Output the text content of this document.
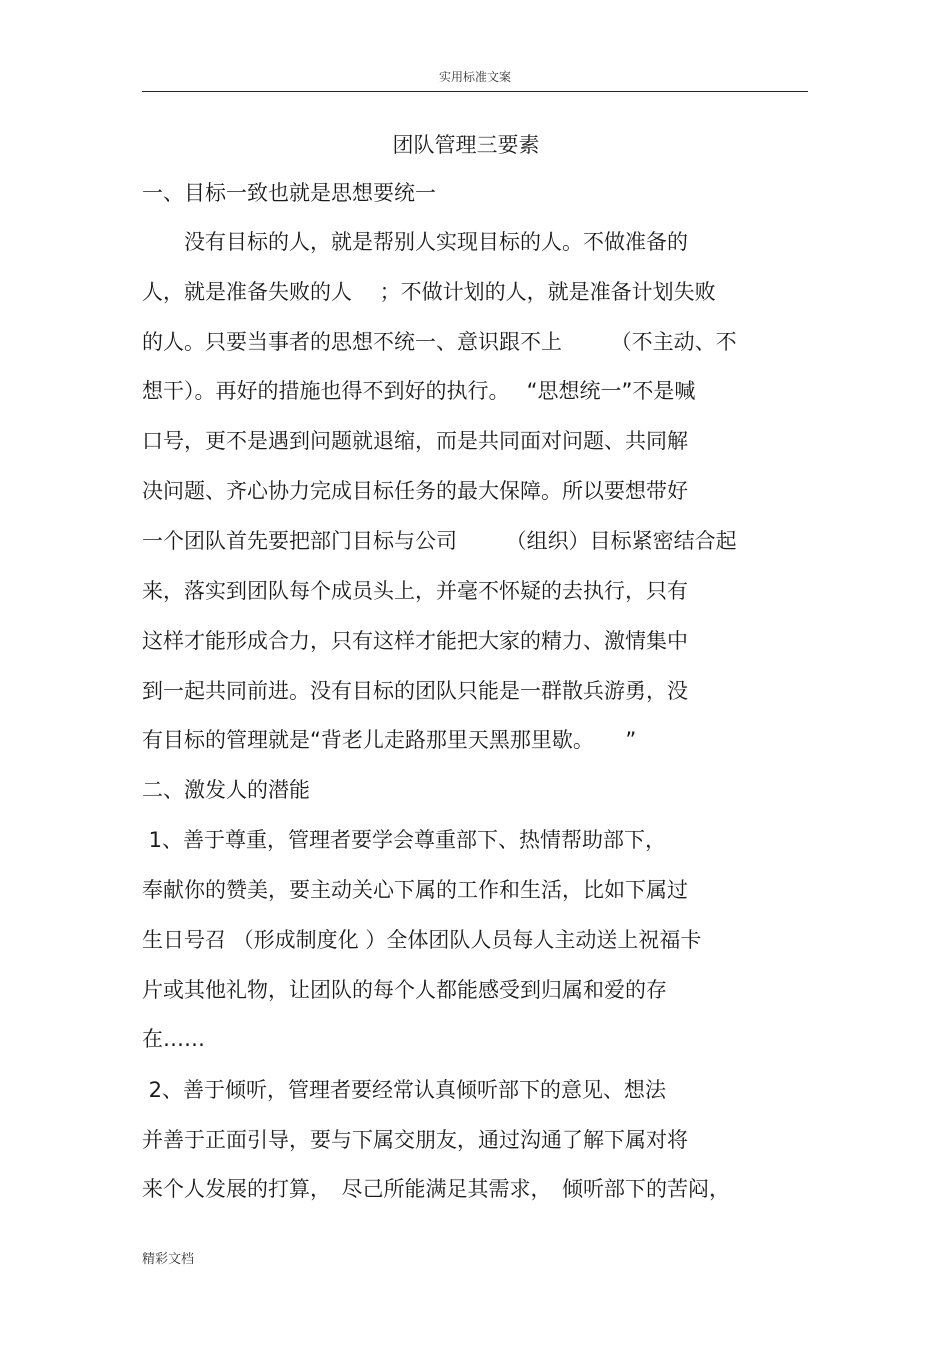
实用标准文案
团队管理三要素
一、目标一致也就是思想要统一
　　没有目标的人，就是帮别人实现目标的人。不做准备的
人，就是准备失败的人　 ；不做计划的人，就是准备计划失败
的人。只要当事者的思想不统一、意识跟不上　　 （不主动、不
想干）。再好的措施也得不到好的执行。　 “思想统一”不是喊
口号，更不是遇到问题就退缩，而是共同面对问题、共同解
决问题、齐心协力完成目标任务的最大保障。所以要想带好
一个团队首先要把部门目标与公司　　 （组织）目标紧密结合起
来，落实到团队每个成员头上，并毫不怀疑的去执行，只有
这样才能形成合力，只有这样才能把大家的精力、激情集中
到一起共同前进。没有目标的团队只能是一群散兵游勇，没
有目标的管理就是“背老儿走路那里天黑那里歇。　　”
二、激发人的潜能
1、善于尊重，管理者要学会尊重部下、热情帮助部下，
奉献你的赞美，要主动关心下属的工作和生活，比如下属过
生日号召 （形成制度化 ）全体团队人员每人主动送上祝福卡
片或其他礼物，让团队的每个人都能感受到归属和爱的存
在……
2、善于倾听，管理者要经常认真倾听部下的意见、想法
并善于正面引导，要与下属交朋友，通过沟通了解下属对将
来个人发展的打算，　尽己所能满足其需求，　倾听部下的苦闷，
精彩文档
